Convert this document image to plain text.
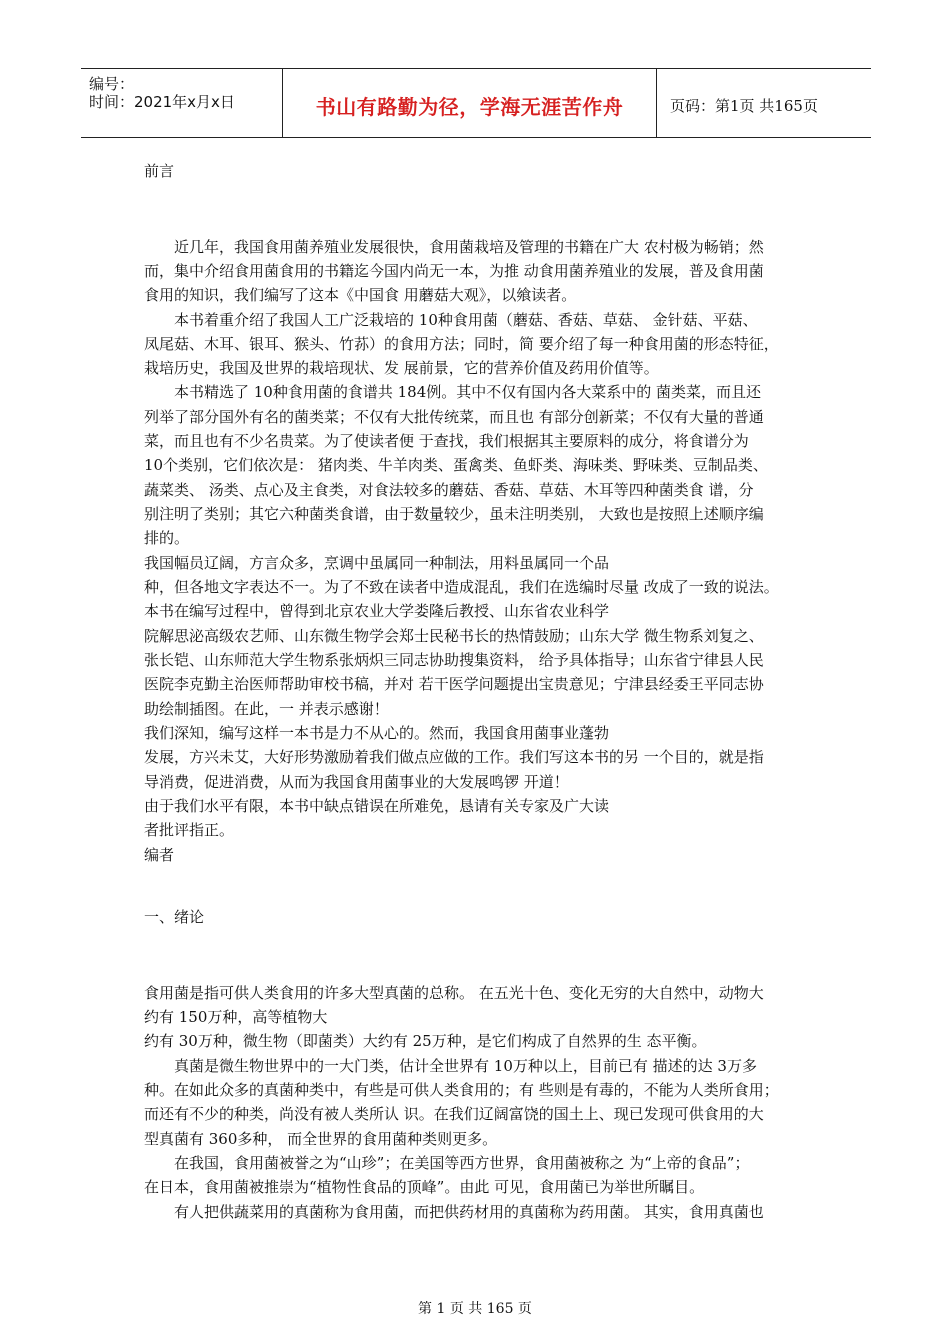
编号：
时间：2021年x月x日	书山有路勤为径，学海无涯苦作舟	页码：第1页 共165页
前言
　　近几年，我国食用菌养殖业发展很快，食用菌栽培及管理的书籍在广大 农村极为畅销；然
而，集中介绍食用菌食用的书籍迄今国内尚无一本，为推 动食用菌养殖业的发展，普及食用菌
食用的知识，我们编写了这本《中国食 用蘑菇大观》，以飨读者。
　　本书着重介绍了我国人工广泛栽培的 10种食用菌（蘑菇、香菇、草菇、 金针菇、平菇、
凤尾菇、木耳、银耳、猴头、竹荪）的食用方法；同时，简 要介绍了每一种食用菌的形态特征，
栽培历史，我国及世界的栽培现状、发 展前景，它的营养价值及药用价值等。
　　本书精选了 10种食用菌的食谱共 184例。其中不仅有国内各大菜系中的 菌类菜，而且还
列举了部分国外有名的菌类菜；不仅有大批传统菜，而且也 有部分创新菜；不仅有大量的普通
菜，而且也有不少名贵菜。为了使读者便 于查找，我们根据其主要原料的成分，将食谱分为
10个类别，它们依次是： 猪肉类、牛羊肉类、蛋禽类、鱼虾类、海味类、野味类、豆制品类、
蔬菜类、 汤类、点心及主食类，对食法较多的蘑菇、香菇、草菇、木耳等四种菌类食 谱，分
别注明了类别；其它六种菌类食谱，由于数量较少，虽未注明类别， 大致也是按照上述顺序编
排的。
我国幅员辽阔，方言众多，烹调中虽属同一种制法，用料虽属同一个品
种，但各地文字表达不一。为了不致在读者中造成混乱，我们在选编时尽量 改成了一致的说法。
本书在编写过程中，曾得到北京农业大学娄隆后教授、山东省农业科学
院解思泌高级农艺师、山东微生物学会郑士民秘书长的热情鼓励；山东大学 微生物系刘复之、
张长铠、山东师范大学生物系张炳炽三同志协助搜集资料， 给予具体指导；山东省宁律县人民
医院李克勤主治医师帮助审校书稿，并对 若干医学问题提出宝贵意见；宁津县经委王平同志协
助绘制插图。在此，一 并表示感谢！
我们深知，编写这样一本书是力不从心的。然而，我国食用菌事业蓬勃
发展，方兴未艾，大好形势激励着我们做点应做的工作。我们写这本书的另 一个目的，就是指
导消费，促进消费，从而为我国食用菌事业的大发展鸣锣 开道！
由于我们水平有限，本书中缺点错误在所难免，恳请有关专家及广大读
者批评指正。
编者
一、绪论
食用菌是指可供人类食用的许多大型真菌的总称。 在五光十色、变化无穷的大自然中，动物大
约有 150万种，高等植物大
约有 30万种，微生物（即菌类）大约有 25万种，是它们构成了自然界的生 态平衡。
　　真菌是微生物世界中的一大门类，估计全世界有 10万种以上，目前已有 描述的达 3万多
种。在如此众多的真菌种类中，有些是可供人类食用的；有 些则是有毒的，不能为人类所食用；
而还有不少的种类，尚没有被人类所认 识。在我们辽阔富饶的国土上、现已发现可供食用的大
型真菌有 360多种， 而全世界的食用菌种类则更多。
　　在我国，食用菌被誉之为“山珍”；在美国等西方世界，食用菌被称之 为“上帝的食品”；
在日本，食用菌被推崇为“植物性食品的顶峰”。由此 可见，食用菌已为举世所瞩目。
　　有人把供蔬菜用的真菌称为食用菌，而把供药材用的真菌称为药用菌。 其实，食用真菌也
第 1 页 共 165 页
